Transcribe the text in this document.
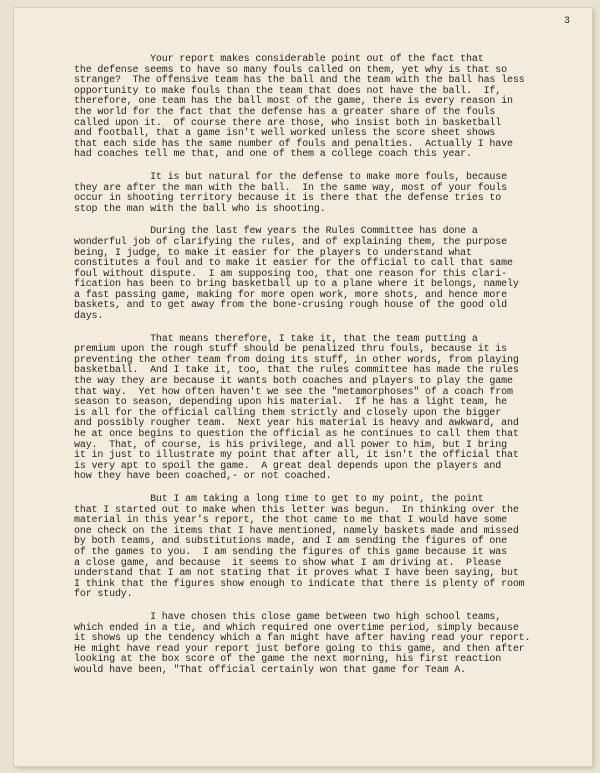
3
Your report makes considerable point out of the fact that
the defense seems to have so many fouls called on them, yet why is that so
strange?  The offensive team has the ball and the team with the ball has less
opportunity to make fouls than the team that does not have the ball.  If,
therefore, one team has the ball most of the game, there is every reason in
the world for the fact that the defense has a greater share of the fouls
called upon it.  Of course there are those, who insist both in basketball
and football, that a game isn't well worked unless the score sheet shows
that each side has the same number of fouls and penalties.  Actually I have
had coaches tell me that, and one of them a college coach this year.
It is but natural for the defense to make more fouls, because
they are after the man with the ball.  In the same way, most of your fouls
occur in shooting territory because it is there that the defense tries to
stop the man with the ball who is shooting.
During the last few years the Rules Committee has done a
wonderful job of clarifying the rules, and of explaining them, the purpose
being, I judge, to make it easier for the players to understand what
constitutes a foul and to make it easier for the official to call that same
foul without dispute.  I am supposing too, that one reason for this clari-
fication has been to bring basketball up to a plane where it belongs, namely
a fast passing game, making for more open work, more shots, and hence more
baskets, and to get away from the bone-crusing rough house of the good old
days.
That means therefore, I take it, that the team putting a
premium upon the rough stuff should be penalized thru fouls, because it is
preventing the other team from doing its stuff, in other words, from playing
basketball.  And I take it, too, that the rules committee has made the rules
the way they are because it wants both coaches and players to play the game
that way.  Yet how often haven't we see the "metamorphoses" of a coach from
season to season, depending upon his material.  If he has a light team, he
is all for the official calling them strictly and closely upon the bigger
and possibly rougher team.  Next year his material is heavy and awkward, and
he at once begins to question the official as he continues to call them that
way.  That, of course, is his privilege, and all power to him, but I bring
it in just to illustrate my point that after all, it isn't the official that
is very apt to spoil the game.  A great deal depends upon the players and
how they have been coached,- or not coached.
But I am taking a long time to get to my point, the point
that I started out to make when this letter was begun.  In thinking over the
material in this year's report, the thot came to me that I would have some
one check on the items that I have mentioned, namely baskets made and missed
by both teams, and substitutions made, and I am sending the figures of one
of the games to you.  I am sending the figures of this game because it was
a close game, and because  it seems to show what I am driving at.  Please
understand that I am not stating that it proves what I have been saying, but
I think that the figures show enough to indicate that there is plenty of room
for study.
I have chosen this close game between two high school teams,
which ended in a tie, and which required one overtime period, simply because
it shows up the tendency which a fan might have after having read your report.
He might have read your report just before going to this game, and then after
looking at the box score of the game the next morning, his first reaction
would have been, "That official certainly won that game for Team A.
